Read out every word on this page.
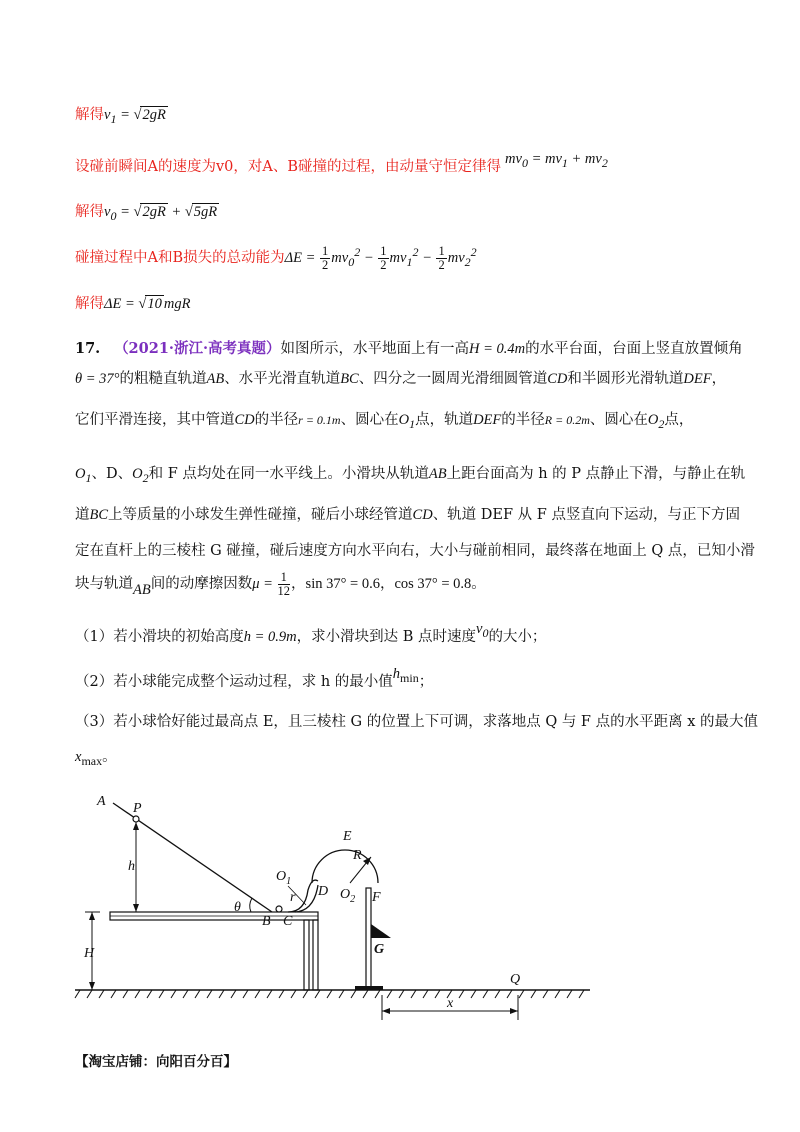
解得$v_1 = √2gR$
设碰前瞬间A的速度为v0，对A、B碰撞的过程，由动量守恒定律得 $mv_0 = mv_1 + mv_2$
解得$v_0 = √2gR + √5gR$
碰撞过程中A和B损失的总动能为$\Delta E = \frac{1}{2} mv_0^2 - \frac{1}{2} mv_1^2 - \frac{1}{2} mv_2^2$
解得ΔE = √10 mgR
17. （2021·浙江·高考真题）如图所示，水平地面上有一高H = 0.4m的水平台面，台面上竖直放置倾角
θ = 37°的粗糙直轨道AB、水平光滑直轨道BC、四分之一圆周光滑细圆管道CD和半圆形光滑轨道DEF，
它们平滑连接，其中管道CD的半径r = 0.1m、圆心在$O_1$点，轨道DEF的半径R = 0.2m、圆心在$O_2$点，
$O_1$、D、$O_2$和 F 点均处在同一水平线上。小滑块从轨道AB上距台面高为 h 的 P 点静止下滑，与静止在轨
道BC上等质量的小球发生弹性碰撞，碰后小球经管道CD、轨道 DEF 从 F 点竖直向下运动，与正下方固
定在直杆上的三棱柱 G 碰撞，碰后速度方向水平向右，大小与碰前相同，最终落在地面上 Q 点，已知小滑
块与轨道AB间的动摩擦因数$\mu = \frac{1}{12}$ ，sin 37° = 0.6，cos 37° = 0.8。
（1）若小滑块的初始高度h = 0.9m，求小滑块到达 B 点时速度$v_0$的大小；
（2）若小球能完成整个运动过程，求 h 的最小值$h_{min}$；
（3）若小球恰好能过最高点 E，且三棱柱 G 的位置上下可调，求落地点 Q 与 F 点的水平距离 x 的最大值
$x_{max}$。
H
A P
h
θ
B C
$O_1$
r D
E
R
$O_2$ F
G
x
Q
【淘宝店铺：向阳百分百】
